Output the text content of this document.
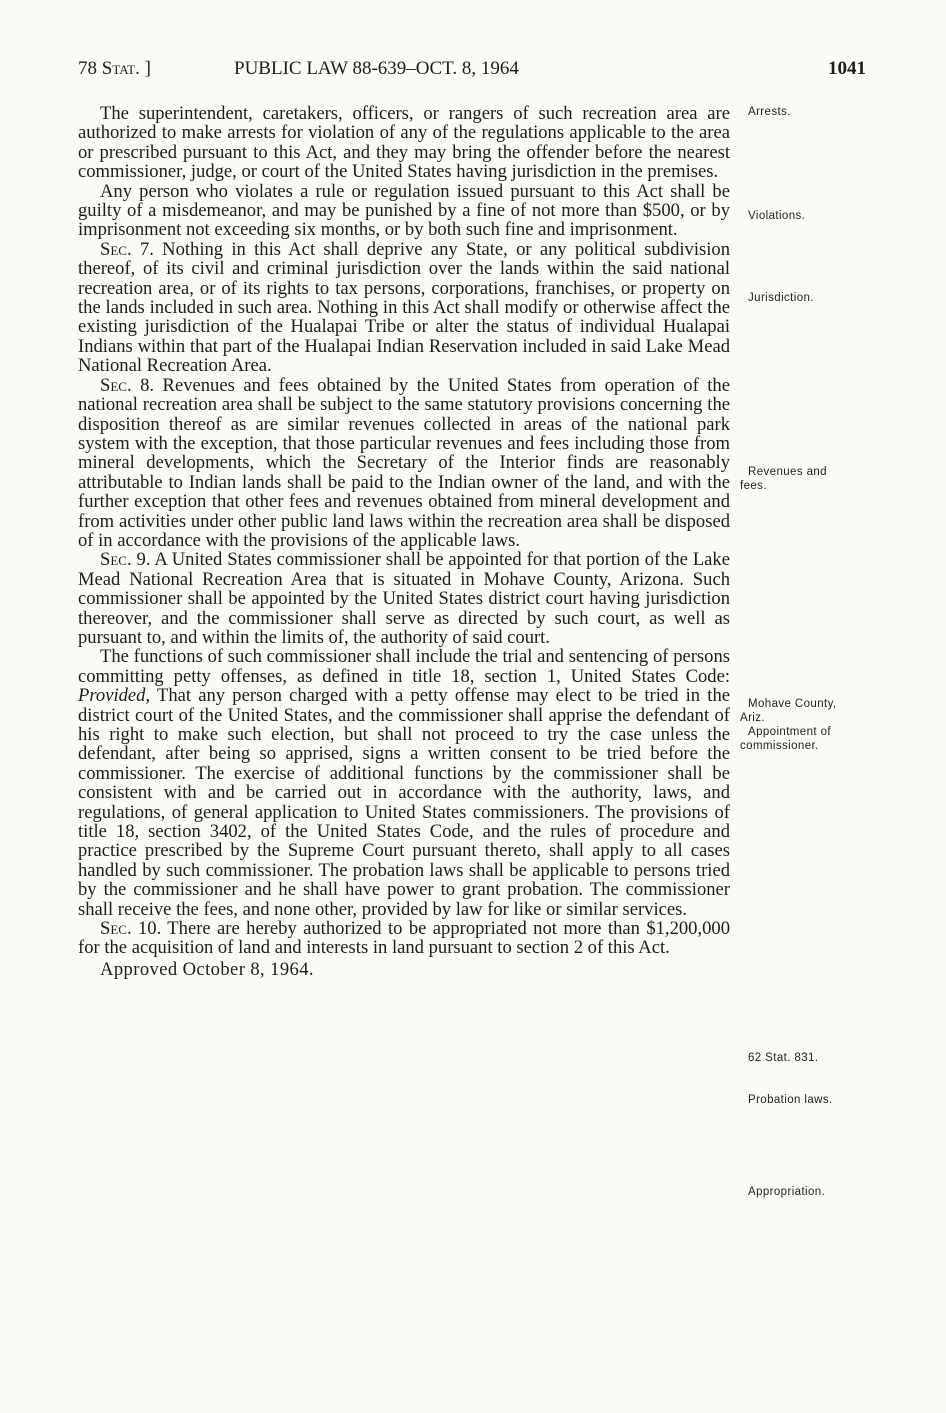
78 Stat. ]	PUBLIC LAW 88-639–OCT. 8, 1964	1041

The superintendent, caretakers, officers, or rangers of such recreation area are authorized to make arrests for violation of any of the regulations applicable to the area or prescribed pursuant to this Act, and they may bring the offender before the nearest commissioner, judge, or court of the United States having jurisdiction in the premises.

Any person who violates a rule or regulation issued pursuant to this Act shall be guilty of a misdemeanor, and may be punished by a fine of not more than $500, or by imprisonment not exceeding six months, or by both such fine and imprisonment.

Sec. 7. Nothing in this Act shall deprive any State, or any political subdivision thereof, of its civil and criminal jurisdiction over the lands within the said national recreation area, or of its rights to tax persons, corporations, franchises, or property on the lands included in such area. Nothing in this Act shall modify or otherwise affect the existing jurisdiction of the Hualapai Tribe or alter the status of individual Hualapai Indians within that part of the Hualapai Indian Reservation included in said Lake Mead National Recreation Area.

Sec. 8. Revenues and fees obtained by the United States from operation of the national recreation area shall be subject to the same statutory provisions concerning the disposition thereof as are similar revenues collected in areas of the national park system with the exception, that those particular revenues and fees including those from mineral developments, which the Secretary of the Interior finds are reasonably attributable to Indian lands shall be paid to the Indian owner of the land, and with the further exception that other fees and revenues obtained from mineral development and from activities under other public land laws within the recreation area shall be disposed of in accordance with the provisions of the applicable laws.

Sec. 9. A United States commissioner shall be appointed for that portion of the Lake Mead National Recreation Area that is situated in Mohave County, Arizona. Such commissioner shall be appointed by the United States district court having jurisdiction thereover, and the commissioner shall serve as directed by such court, as well as pursuant to, and within the limits of, the authority of said court.

The functions of such commissioner shall include the trial and sentencing of persons committing petty offenses, as defined in title 18, section 1, United States Code: Provided, That any person charged with a petty offense may elect to be tried in the district court of the United States, and the commissioner shall apprise the defendant of his right to make such election, but shall not proceed to try the case unless the defendant, after being so apprised, signs a written consent to be tried before the commissioner. The exercise of additional functions by the commissioner shall be consistent with and be carried out in accordance with the authority, laws, and regulations, of general application to United States commissioners. The provisions of title 18, section 3402, of the United States Code, and the rules of procedure and practice prescribed by the Supreme Court pursuant thereto, shall apply to all cases handled by such commissioner. The probation laws shall be applicable to persons tried by the commissioner and he shall have power to grant probation. The commissioner shall receive the fees, and none other, provided by law for like or similar services.

Sec. 10. There are hereby authorized to be appropriated not more than $1,200,000 for the acquisition of land and interests in land pursuant to section 2 of this Act.

Approved October 8, 1964.

Arrests.
Violations.
Jurisdiction.
Revenues and
fees.
Mohave County,
Ariz.
Appointment of
commissioner.
62 Stat. 831.
Probation laws.
Appropriation.
